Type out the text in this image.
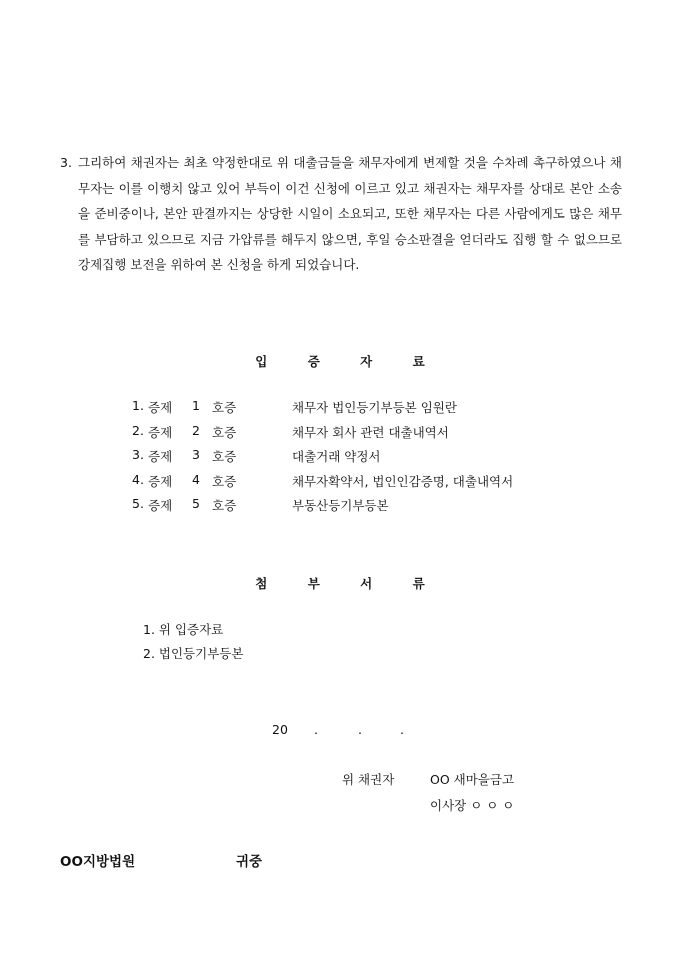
3. 그리하여 채권자는 최초 약정한대로 위 대출금들을 채무자에게 변제할 것을 수차례 촉구하였으나 채무자는 이를 이행치 않고 있어 부득이 이건 신청에 이르고 있고 채권자는 채무자를 상대로 본안 소송을 준비중이나, 본안 판결까지는 상당한 시일이 소요되고, 또한 채무자는 다른 사람에게도 많은 채무를 부담하고 있으므로 지금 가압류를 해두지 않으면, 후일 승소판결을 얻더라도 집행 할 수 없으므로 강제집행 보전을 위하여 본 신청을 하게 되었습니다.
입	증	자	료
1. 증제 1 호증	채무자 법인등기부등본 임원란
2. 증제 2 호증	채무자 회사 관련 대출내역서
3. 증제 3 호증	대출거래 약정서
4. 증제 4 호증	채무자확약서, 법인인감증명, 대출내역서
5. 증제 5 호증	부동산등기부등본
첨	부	서	류
1. 위 입증자료
2. 법인등기부등본
20 .	.	.
위 채권자	OO 새마을금고
이사장 ㅇ ㅇ ㅇ
OO지방법원	귀중
